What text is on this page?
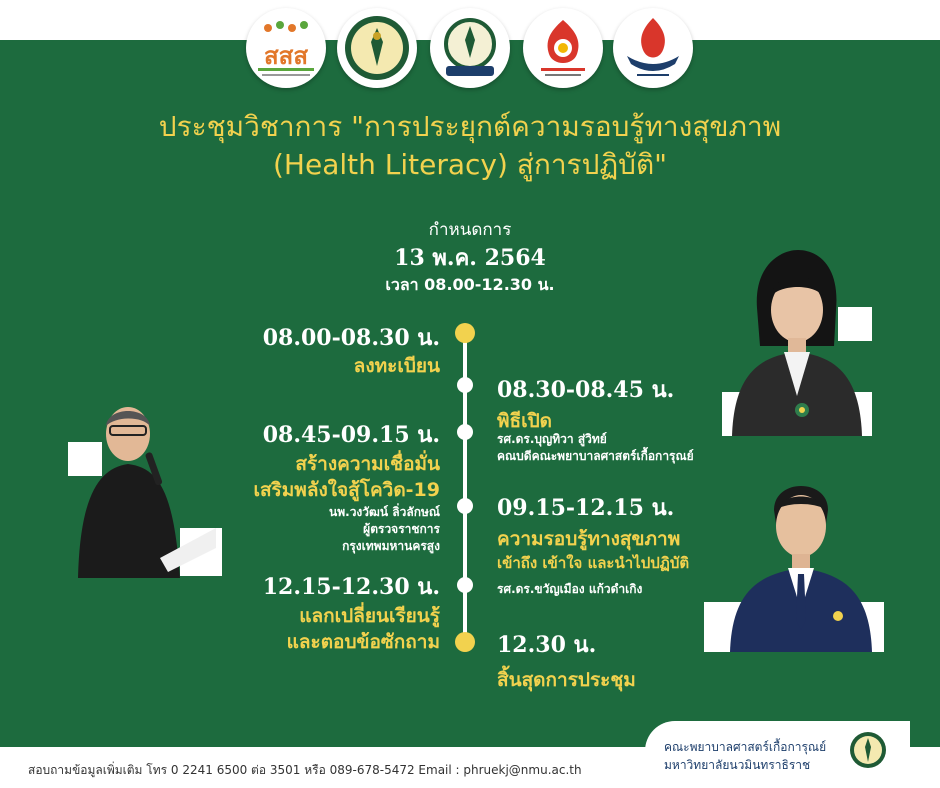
สสส
ประชุมวิชาการ "การประยุกต์ความรอบรู้ทางสุขภาพ
(Health Literacy) สู่การปฏิบัติ"
กำหนดการ
13 พ.ค. 2564
เวลา 08.00-12.30 น.
08.00-08.30 น.
ลงทะเบียน
08.30-08.45 น.
พิธีเปิด
รศ.ดร.บุญทิวา สู่วิทย์
คณบดีคณะพยาบาลศาสตร์เกื้อการุณย์
08.45-09.15 น.
สร้างความเชื่อมั่น
เสริมพลังใจสู้โควิด-19
นพ.วงวัฒน์ ลิ่วลักษณ์
ผู้ตรวจราชการ
กรุงเทพมหานครสูง
09.15-12.15 น.
ความรอบรู้ทางสุขภาพ
เข้าถึง เข้าใจ และนำไปปฏิบัติ
รศ.ดร.ขวัญเมือง แก้วดำเกิง
12.15-12.30 น.
แลกเปลี่ยนเรียนรู้
และตอบข้อซักถาม	12.30 น.
สิ้นสุดการประชุม
คณะพยาบาลศาสตร์เกื้อการุณย์
มหาวิทยาลัยนวมินทราธิราช
สอบถามข้อมูลเพิ่มเติม โทร 0 2241 6500 ต่อ 3501 หรือ 089-678-5472 Email : phruekj@nmu.ac.th
